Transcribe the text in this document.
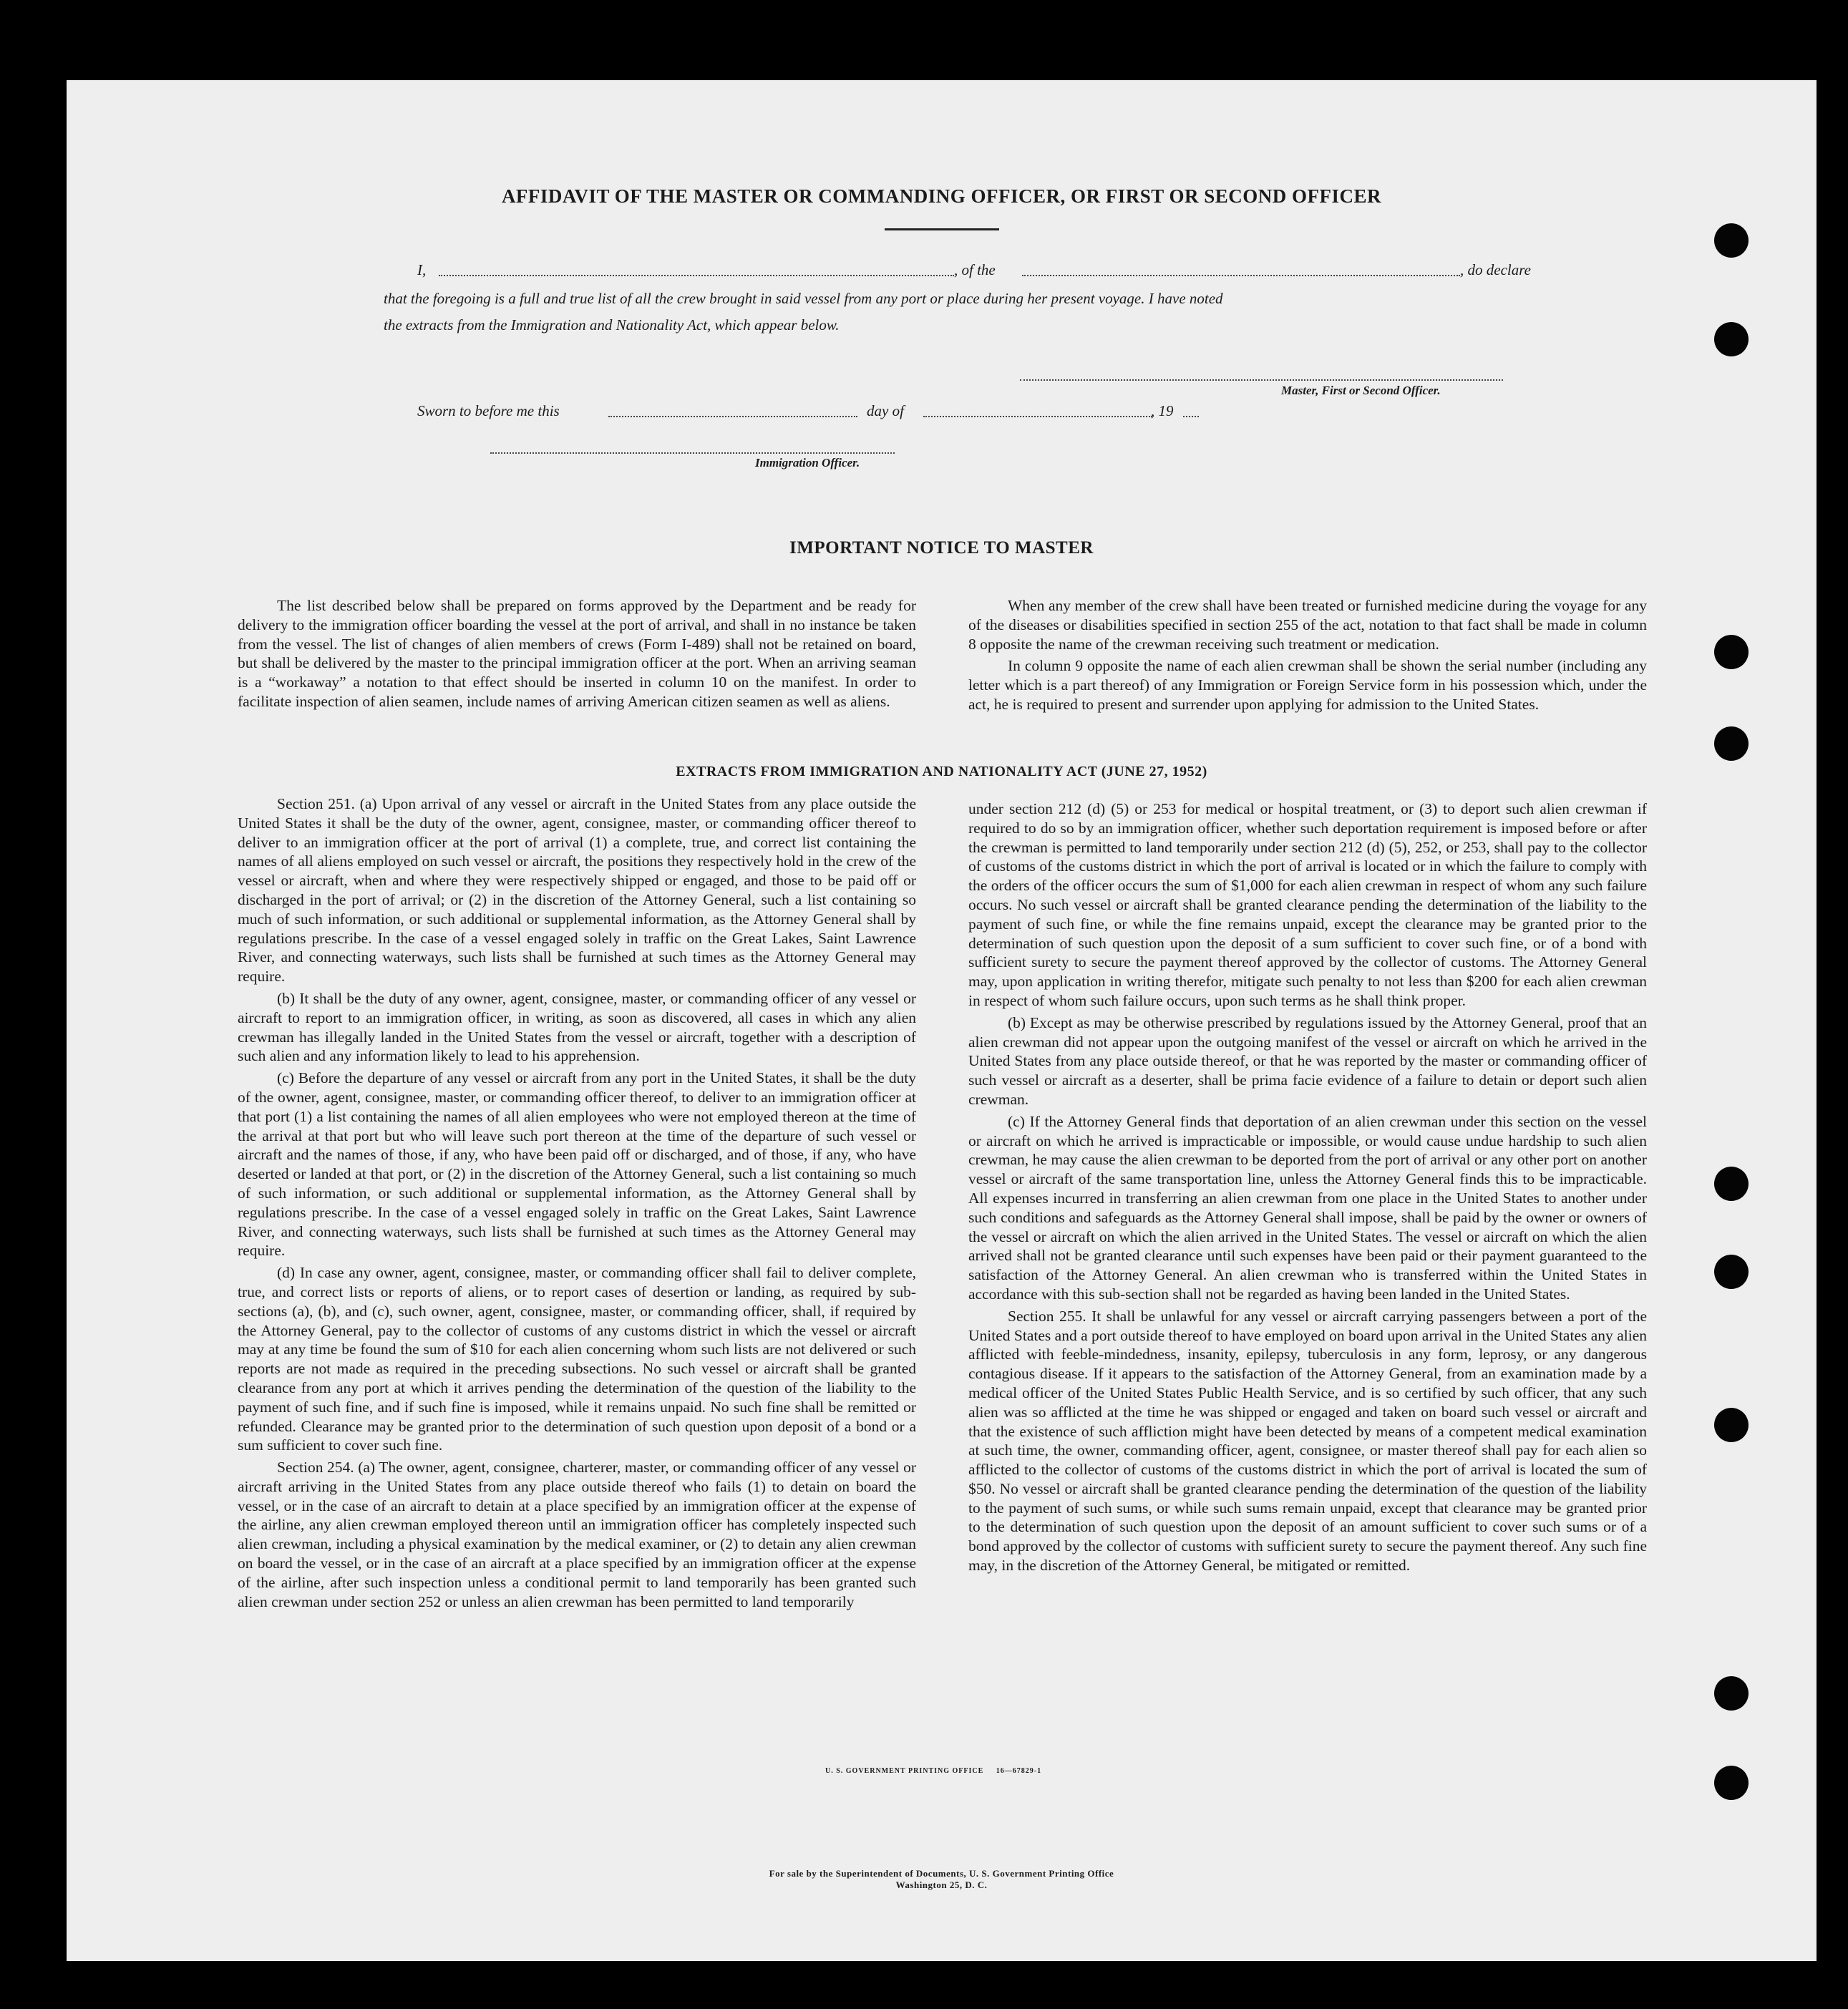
AFFIDAVIT OF THE MASTER OR COMMANDING OFFICER, OR FIRST OR SECOND OFFICER
I,	, of the	, do declare
that the foregoing is a full and true list of all the crew brought in said vessel from any port or place during her present voyage. I have noted
the extracts from the Immigration and Nationality Act, which appear below.
Master, First or Second Officer.
Sworn to before me this	day of	, 19
Immigration Officer.
IMPORTANT NOTICE TO MASTER

The list described below shall be prepared on forms approved by the Department and be ready for delivery to the immigration officer boarding the vessel at the port of arrival, and shall in no instance be taken from the vessel. The list of changes of alien members of crews (Form I-489) shall not be retained on board, but shall be delivered by the master to the principal immigration officer at the port. When an arriving seaman is a “workaway” a notation to that effect should be inserted in column 10 on the manifest. In order to facilitate inspection of alien seamen, include names of arriving American citizen seamen as well as aliens.

When any member of the crew shall have been treated or furnished medicine during the voyage for any of the diseases or disabilities specified in section 255 of the act, notation to that fact shall be made in column 8 opposite the name of the crewman receiving such treatment or medication.

In column 9 opposite the name of each alien crewman shall be shown the serial number (including any letter which is a part thereof) of any Immigration or Foreign Service form in his possession which, under the act, he is required to present and surrender upon applying for admission to the United States.

EXTRACTS FROM IMMIGRATION AND NATIONALITY ACT (JUNE 27, 1952)

Section 251. (a) Upon arrival of any vessel or aircraft in the United States from any place outside the United States it shall be the duty of the owner, agent, consignee, master, or commanding officer thereof to deliver to an immigration officer at the port of arrival (1) a complete, true, and correct list containing the names of all aliens employed on such vessel or aircraft, the positions they respectively hold in the crew of the vessel or aircraft, when and where they were respectively shipped or engaged, and those to be paid off or discharged in the port of arrival; or (2) in the discretion of the Attorney General, such a list containing so much of such information, or such additional or supplemental information, as the Attorney General shall by regulations prescribe. In the case of a vessel engaged solely in traffic on the Great Lakes, Saint Lawrence River, and connecting waterways, such lists shall be furnished at such times as the Attorney General may require.

(b) It shall be the duty of any owner, agent, consignee, master, or commanding officer of any vessel or aircraft to report to an immigration officer, in writing, as soon as discovered, all cases in which any alien crewman has illegally landed in the United States from the vessel or aircraft, together with a description of such alien and any information likely to lead to his apprehension.

(c) Before the departure of any vessel or aircraft from any port in the United States, it shall be the duty of the owner, agent, consignee, master, or commanding officer thereof, to deliver to an immigration officer at that port (1) a list containing the names of all alien employees who were not employed thereon at the time of the arrival at that port but who will leave such port thereon at the time of the departure of such vessel or aircraft and the names of those, if any, who have been paid off or discharged, and of those, if any, who have deserted or landed at that port, or (2) in the discretion of the Attorney General, such a list containing so much of such information, or such additional or supplemental information, as the Attorney General shall by regulations prescribe. In the case of a vessel engaged solely in traffic on the Great Lakes, Saint Lawrence River, and connecting waterways, such lists shall be furnished at such times as the Attorney General may require.

(d) In case any owner, agent, consignee, master, or commanding officer shall fail to deliver complete, true, and correct lists or reports of aliens, or to report cases of desertion or landing, as required by sub-sections (a), (b), and (c), such owner, agent, consignee, master, or commanding officer, shall, if required by the Attorney General, pay to the collector of customs of any customs district in which the vessel or aircraft may at any time be found the sum of $10 for each alien concerning whom such lists are not delivered or such reports are not made as required in the preceding subsections. No such vessel or aircraft shall be granted clearance from any port at which it arrives pending the determination of the question of the liability to the payment of such fine, and if such fine is imposed, while it remains unpaid. No such fine shall be remitted or refunded. Clearance may be granted prior to the determination of such question upon deposit of a bond or a sum sufficient to cover such fine.

Section 254. (a) The owner, agent, consignee, charterer, master, or commanding officer of any vessel or aircraft arriving in the United States from any place outside thereof who fails (1) to detain on board the vessel, or in the case of an aircraft to detain at a place specified by an immigration officer at the expense of the airline, any alien crewman employed thereon until an immigration officer has completely inspected such alien crewman, including a physical examination by the medical examiner, or (2) to detain any alien crewman on board the vessel, or in the case of an aircraft at a place specified by an immigration officer at the expense of the airline, after such inspection unless a conditional permit to land temporarily has been granted such alien crewman under section 252 or unless an alien crewman has been permitted to land temporarily

under section 212 (d) (5) or 253 for medical or hospital treatment, or (3) to deport such alien crewman if required to do so by an immigration officer, whether such deportation requirement is imposed before or after the crewman is permitted to land temporarily under section 212 (d) (5), 252, or 253, shall pay to the collector of customs of the customs district in which the port of arrival is located or in which the failure to comply with the orders of the officer occurs the sum of $1,000 for each alien crewman in respect of whom any such failure occurs. No such vessel or aircraft shall be granted clearance pending the determination of the liability to the payment of such fine, or while the fine remains unpaid, except the clearance may be granted prior to the determination of such question upon the deposit of a sum sufficient to cover such fine, or of a bond with sufficient surety to secure the payment thereof approved by the collector of customs. The Attorney General may, upon application in writing therefor, mitigate such penalty to not less than $200 for each alien crewman in respect of whom such failure occurs, upon such terms as he shall think proper.

(b) Except as may be otherwise prescribed by regulations issued by the Attorney General, proof that an alien crewman did not appear upon the outgoing manifest of the vessel or aircraft on which he arrived in the United States from any place outside thereof, or that he was reported by the master or commanding officer of such vessel or aircraft as a deserter, shall be prima facie evidence of a failure to detain or deport such alien crewman.

(c) If the Attorney General finds that deportation of an alien crewman under this section on the vessel or aircraft on which he arrived is impracticable or impossible, or would cause undue hardship to such alien crewman, he may cause the alien crewman to be deported from the port of arrival or any other port on another vessel or aircraft of the same transportation line, unless the Attorney General finds this to be impracticable. All expenses incurred in transferring an alien crewman from one place in the United States to another under such conditions and safeguards as the Attorney General shall impose, shall be paid by the owner or owners of the vessel or aircraft on which the alien arrived in the United States. The vessel or aircraft on which the alien arrived shall not be granted clearance until such expenses have been paid or their payment guaranteed to the satisfaction of the Attorney General. An alien crewman who is transferred within the United States in accordance with this sub-section shall not be regarded as having been landed in the United States.

Section 255. It shall be unlawful for any vessel or aircraft carrying passengers between a port of the United States and a port outside thereof to have employed on board upon arrival in the United States any alien afflicted with feeble-mindedness, insanity, epilepsy, tuberculosis in any form, leprosy, or any dangerous contagious disease. If it appears to the satisfaction of the Attorney General, from an examination made by a medical officer of the United States Public Health Service, and is so certified by such officer, that any such alien was so afflicted at the time he was shipped or engaged and taken on board such vessel or aircraft and that the existence of such affliction might have been detected by means of a competent medical examination at such time, the owner, commanding officer, agent, consignee, or master thereof shall pay for each alien so afflicted to the collector of customs of the customs district in which the port of arrival is located the sum of $50. No vessel or aircraft shall be granted clearance pending the determination of the question of the liability to the payment of such sums, or while such sums remain unpaid, except that clearance may be granted prior to the determination of such question upon the deposit of an amount sufficient to cover such sums or of a bond approved by the collector of customs with sufficient surety to secure the payment thereof. Any such fine may, in the discretion of the Attorney General, be mitigated or remitted.

U. S. GOVERNMENT PRINTING OFFICE     16—67829-1
For sale by the Superintendent of Documents, U. S. Government Printing Office
Washington 25, D. C.
